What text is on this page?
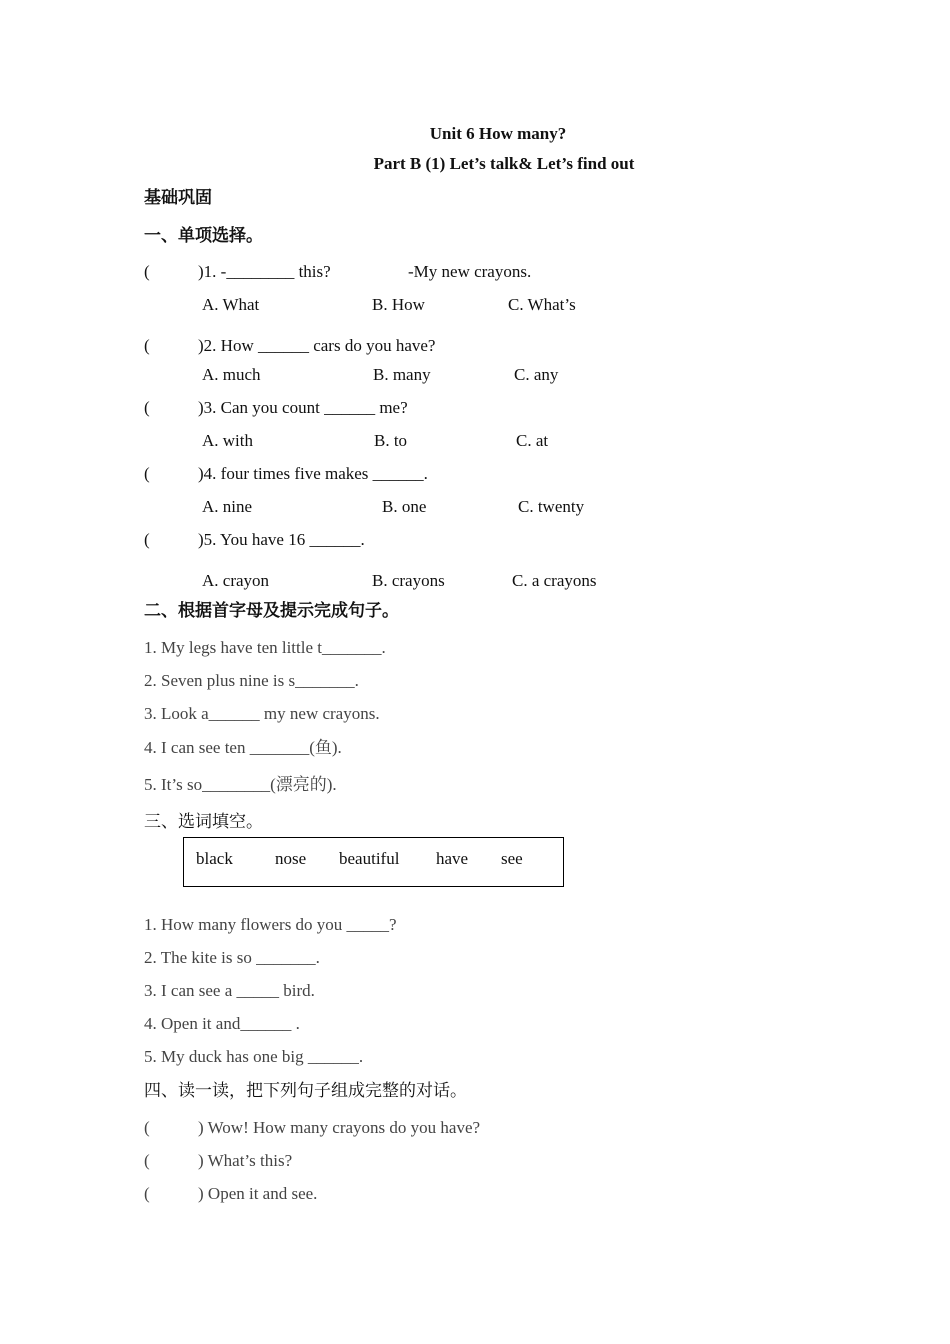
Unit 6 How many?
Part B (1) Let’s talk& Let’s find out
基础巩固
一、单项选择。
(	)1. -________ this?	-My new crayons.
A. What	B. How	C. What’s
(	)2. How ______ cars do you have?
A. much	B. many	C. any
(	)3. Can you count ______ me?
A. with	B. to	C. at
(	)4. four times five makes ______.
A. nine	B. one	C. twenty
(	)5. You have 16 ______.
A. crayon	B. crayons	C. a crayons
二、根据首字母及提示完成句子。
1. My legs have ten little t_______.
2. Seven plus nine is s_______.
3. Look a______ my new crayons.
4. I can see ten _______(鱼).
5. It’s so________(漂亮的).
三、选词填空。
black nose beautiful have see
1. How many flowers do you _____?
2. The kite is so _______.
3. I can see a _____ bird.
4. Open it and______ .
5. My duck has one big ______.
四、读一读，把下列句子组成完整的对话。
(	) Wow! How many crayons do you have?
(	) What’s this?
(	) Open it and see.
